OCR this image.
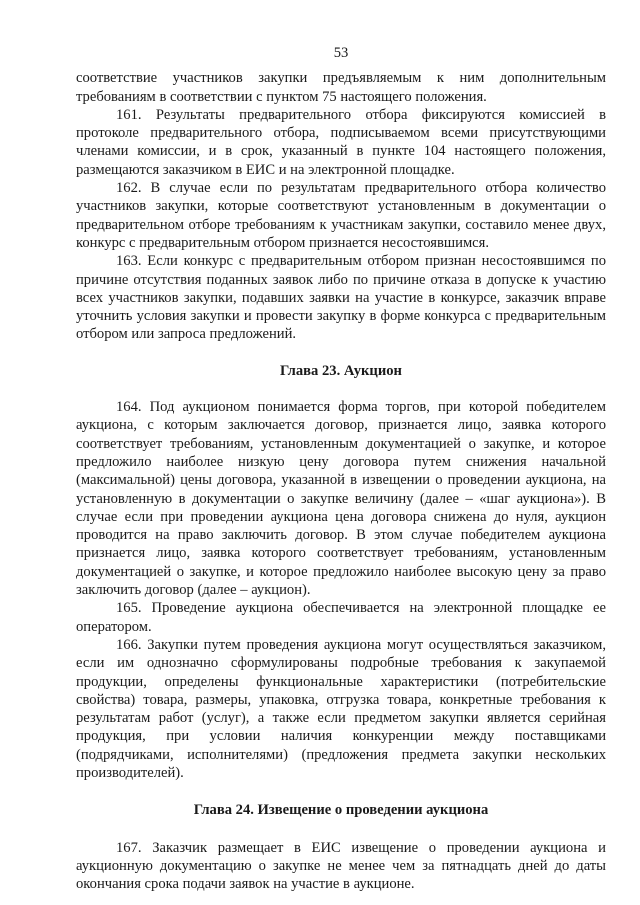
53

соответствие участников закупки предъявляемым к ним дополнительным требованиям в соответствии с пунктом 75 настоящего положения.

161. Результаты предварительного отбора фиксируются комиссией в протоколе предварительного отбора, подписываемом всеми присутствующими членами комиссии, и в срок, указанный в пункте 104 настоящего положения, размещаются заказчиком в ЕИС и на электронной площадке.

162. В случае если по результатам предварительного отбора количество участников закупки, которые соответствуют установленным в документации о предварительном отборе требованиям к участникам закупки, составило менее двух, конкурс с предварительным отбором признается несостоявшимся.

163. Если конкурс с предварительным отбором признан несостоявшимся по причине отсутствия поданных заявок либо по причине отказа в допуске к участию всех участников закупки, подавших заявки на участие в конкурсе, заказчик вправе уточнить условия закупки и провести закупку в форме конкурса с предварительным отбором или запроса предложений.

Глава 23. Аукцион

164. Под аукционом понимается форма торгов, при которой победителем аукциона, с которым заключается договор, признается лицо, заявка которого соответствует требованиям, установленным документацией о закупке, и которое предложило наиболее низкую цену договора путем снижения начальной (максимальной) цены договора, указанной в извещении о проведении аукциона, на установленную в документации о закупке величину (далее – «шаг аукциона»). В случае если при проведении аукциона цена договора снижена до нуля, аукцион проводится на право заключить договор. В этом случае победителем аукциона признается лицо, заявка которого соответствует требованиям, установленным документацией о закупке, и которое предложило наиболее высокую цену за право заключить договор (далее – аукцион).

165. Проведение аукциона обеспечивается на электронной площадке ее оператором.

166. Закупки путем проведения аукциона могут осуществляться заказчиком, если им однозначно сформулированы подробные требования к закупаемой продукции, определены функциональные характеристики (потребительские свойства) товара, размеры, упаковка, отгрузка товара, конкретные требования к результатам работ (услуг), а также если предметом закупки является серийная продукция, при условии наличия конкуренции между поставщиками (подрядчиками, исполнителями) (предложения предмета закупки нескольких производителей).

Глава 24. Извещение о проведении аукциона

167. Заказчик размещает в ЕИС извещение о проведении аукциона и аукционную документацию о закупке не менее чем за пятнадцать дней до даты окончания срока подачи заявок на участие в аукционе.
